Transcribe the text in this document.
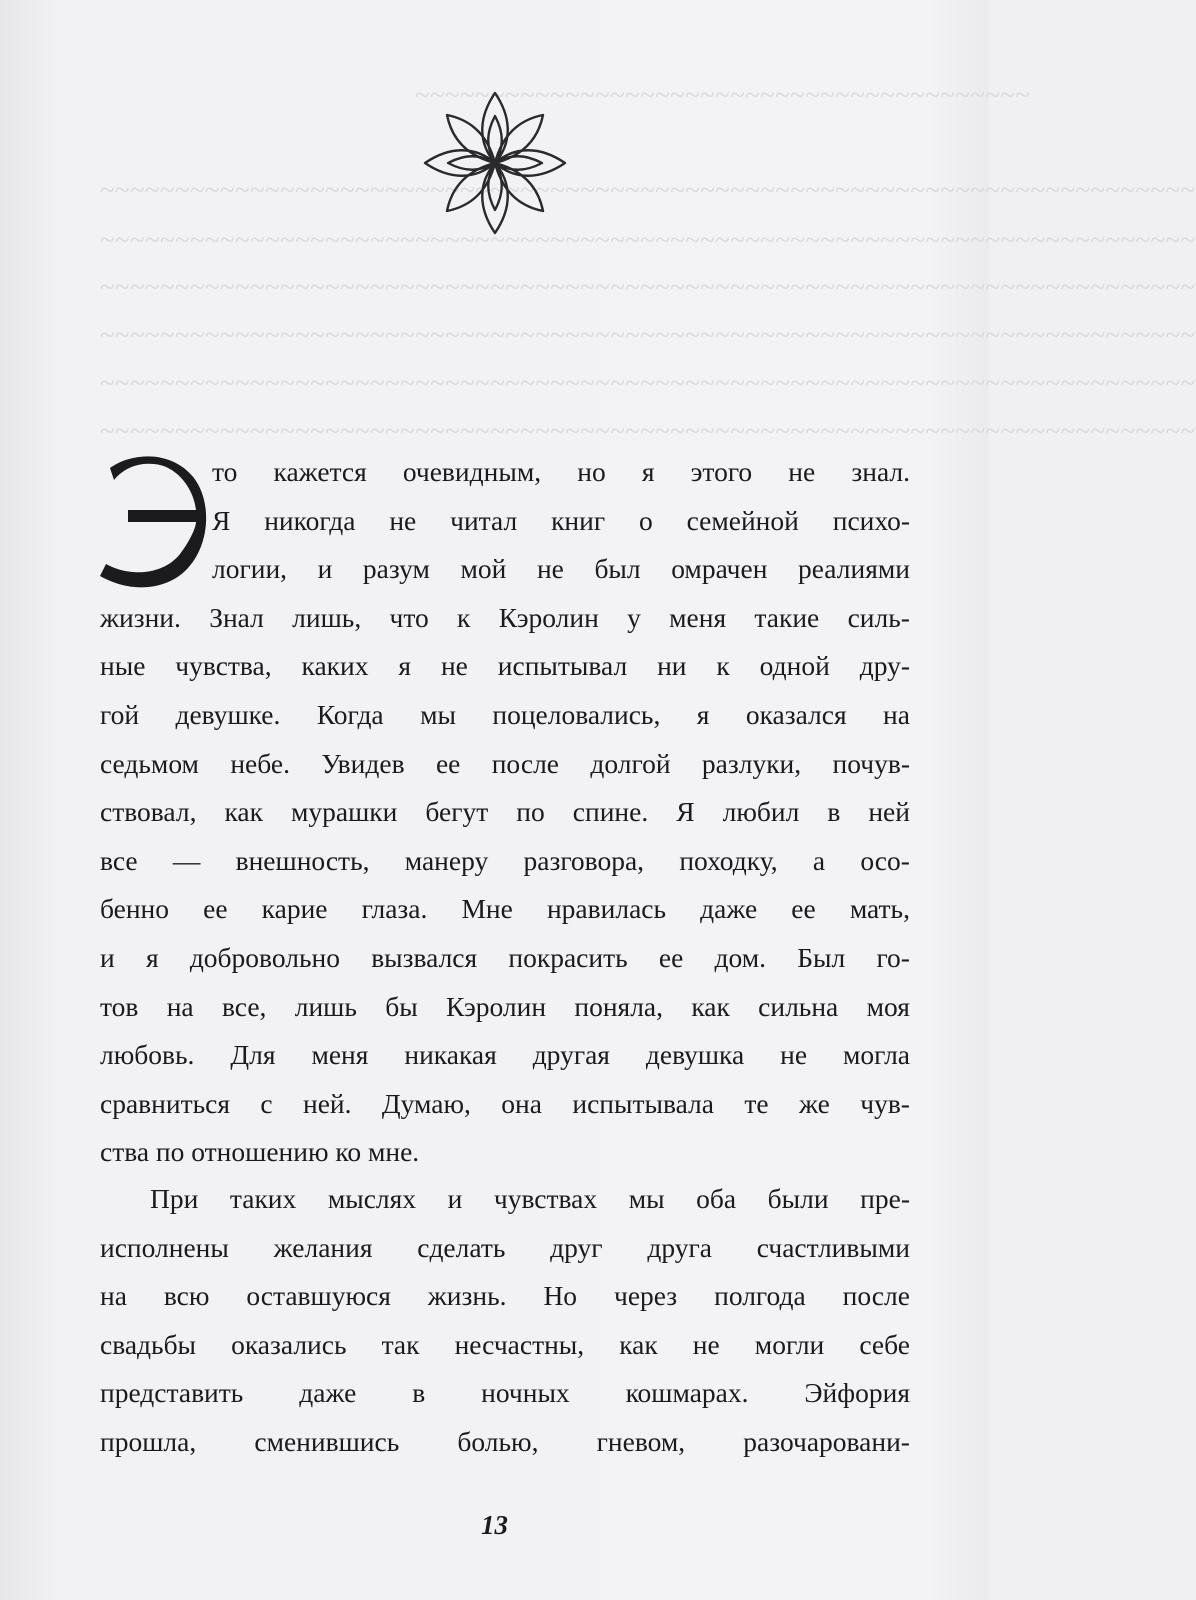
~~~~~~~~~~~~~~~~~~~~~~~~~~~~~~~~~~~~~~~~~
~~~~~~~~~~~~~~~~~~~~~~~~~~~~~~~~~~~~~~~~~~~~~~~~~~~~~~~~~~~~~~~~~~~~~~~~~
~~~~~~~~~~~~~~~~~~~~~~~~~~~~~~~~~~~~~~~~~~~~~~~~~~~~~~~~~~~~~~~~~~~~~~~~~
~~~~~~~~~~~~~~~~~~~~~~~~~~~~~~~~~~~~~~~~~~~~~~~~~~~~~~~~~~~~~~~~~~~~~~~~~
~~~~~~~~~~~~~~~~~~~~~~~~~~~~~~~~~~~~~~~~~~~~~~~~~~~~~~~~~~~~~~~~~~~~~~~~~
~~~~~~~~~~~~~~~~~~~~~~~~~~~~~~~~~~~~~~~~~~~~~~~~~~~~~~~~~~~~~~~~~~~~~~~~~
~~~~~~~~~~~~~~~~~~~~~~~~~~~~~~~~~~~~~~~~~~~~~~~~~~~~~~~~~~~~~~~~~~~~~~~~~
то кажется очевидным, но я этого не знал.
Я никогда не читал книг о семейной психо-
логии, и разум мой не был омрачен реалиями
жизни. Знал лишь, что к Кэролин у меня такие силь-
ные чувства, каких я не испытывал ни к одной дру-
гой девушке. Когда мы поцеловались, я оказался на
седьмом небе. Увидев ее после долгой разлуки, почув-
ствовал, как мурашки бегут по спине. Я любил в ней
все — внешность, манеру разговора, походку, а осо-
бенно ее карие глаза. Мне нравилась даже ее мать,
и я добровольно вызвался покрасить ее дом. Был го-
тов на все, лишь бы Кэролин поняла, как сильна моя
любовь. Для меня никакая другая девушка не могла
сравниться с ней. Думаю, она испытывала те же чув-
ства по отношению ко мне.
При таких мыслях и чувствах мы оба были пре-
исполнены желания сделать друг друга счастливыми
на всю оставшуюся жизнь. Но через полгода после
свадьбы оказались так несчастны, как не могли себе
представить даже в ночных кошмарах. Эйфория
прошла, сменившись болью, гневом, разочаровани-
13
